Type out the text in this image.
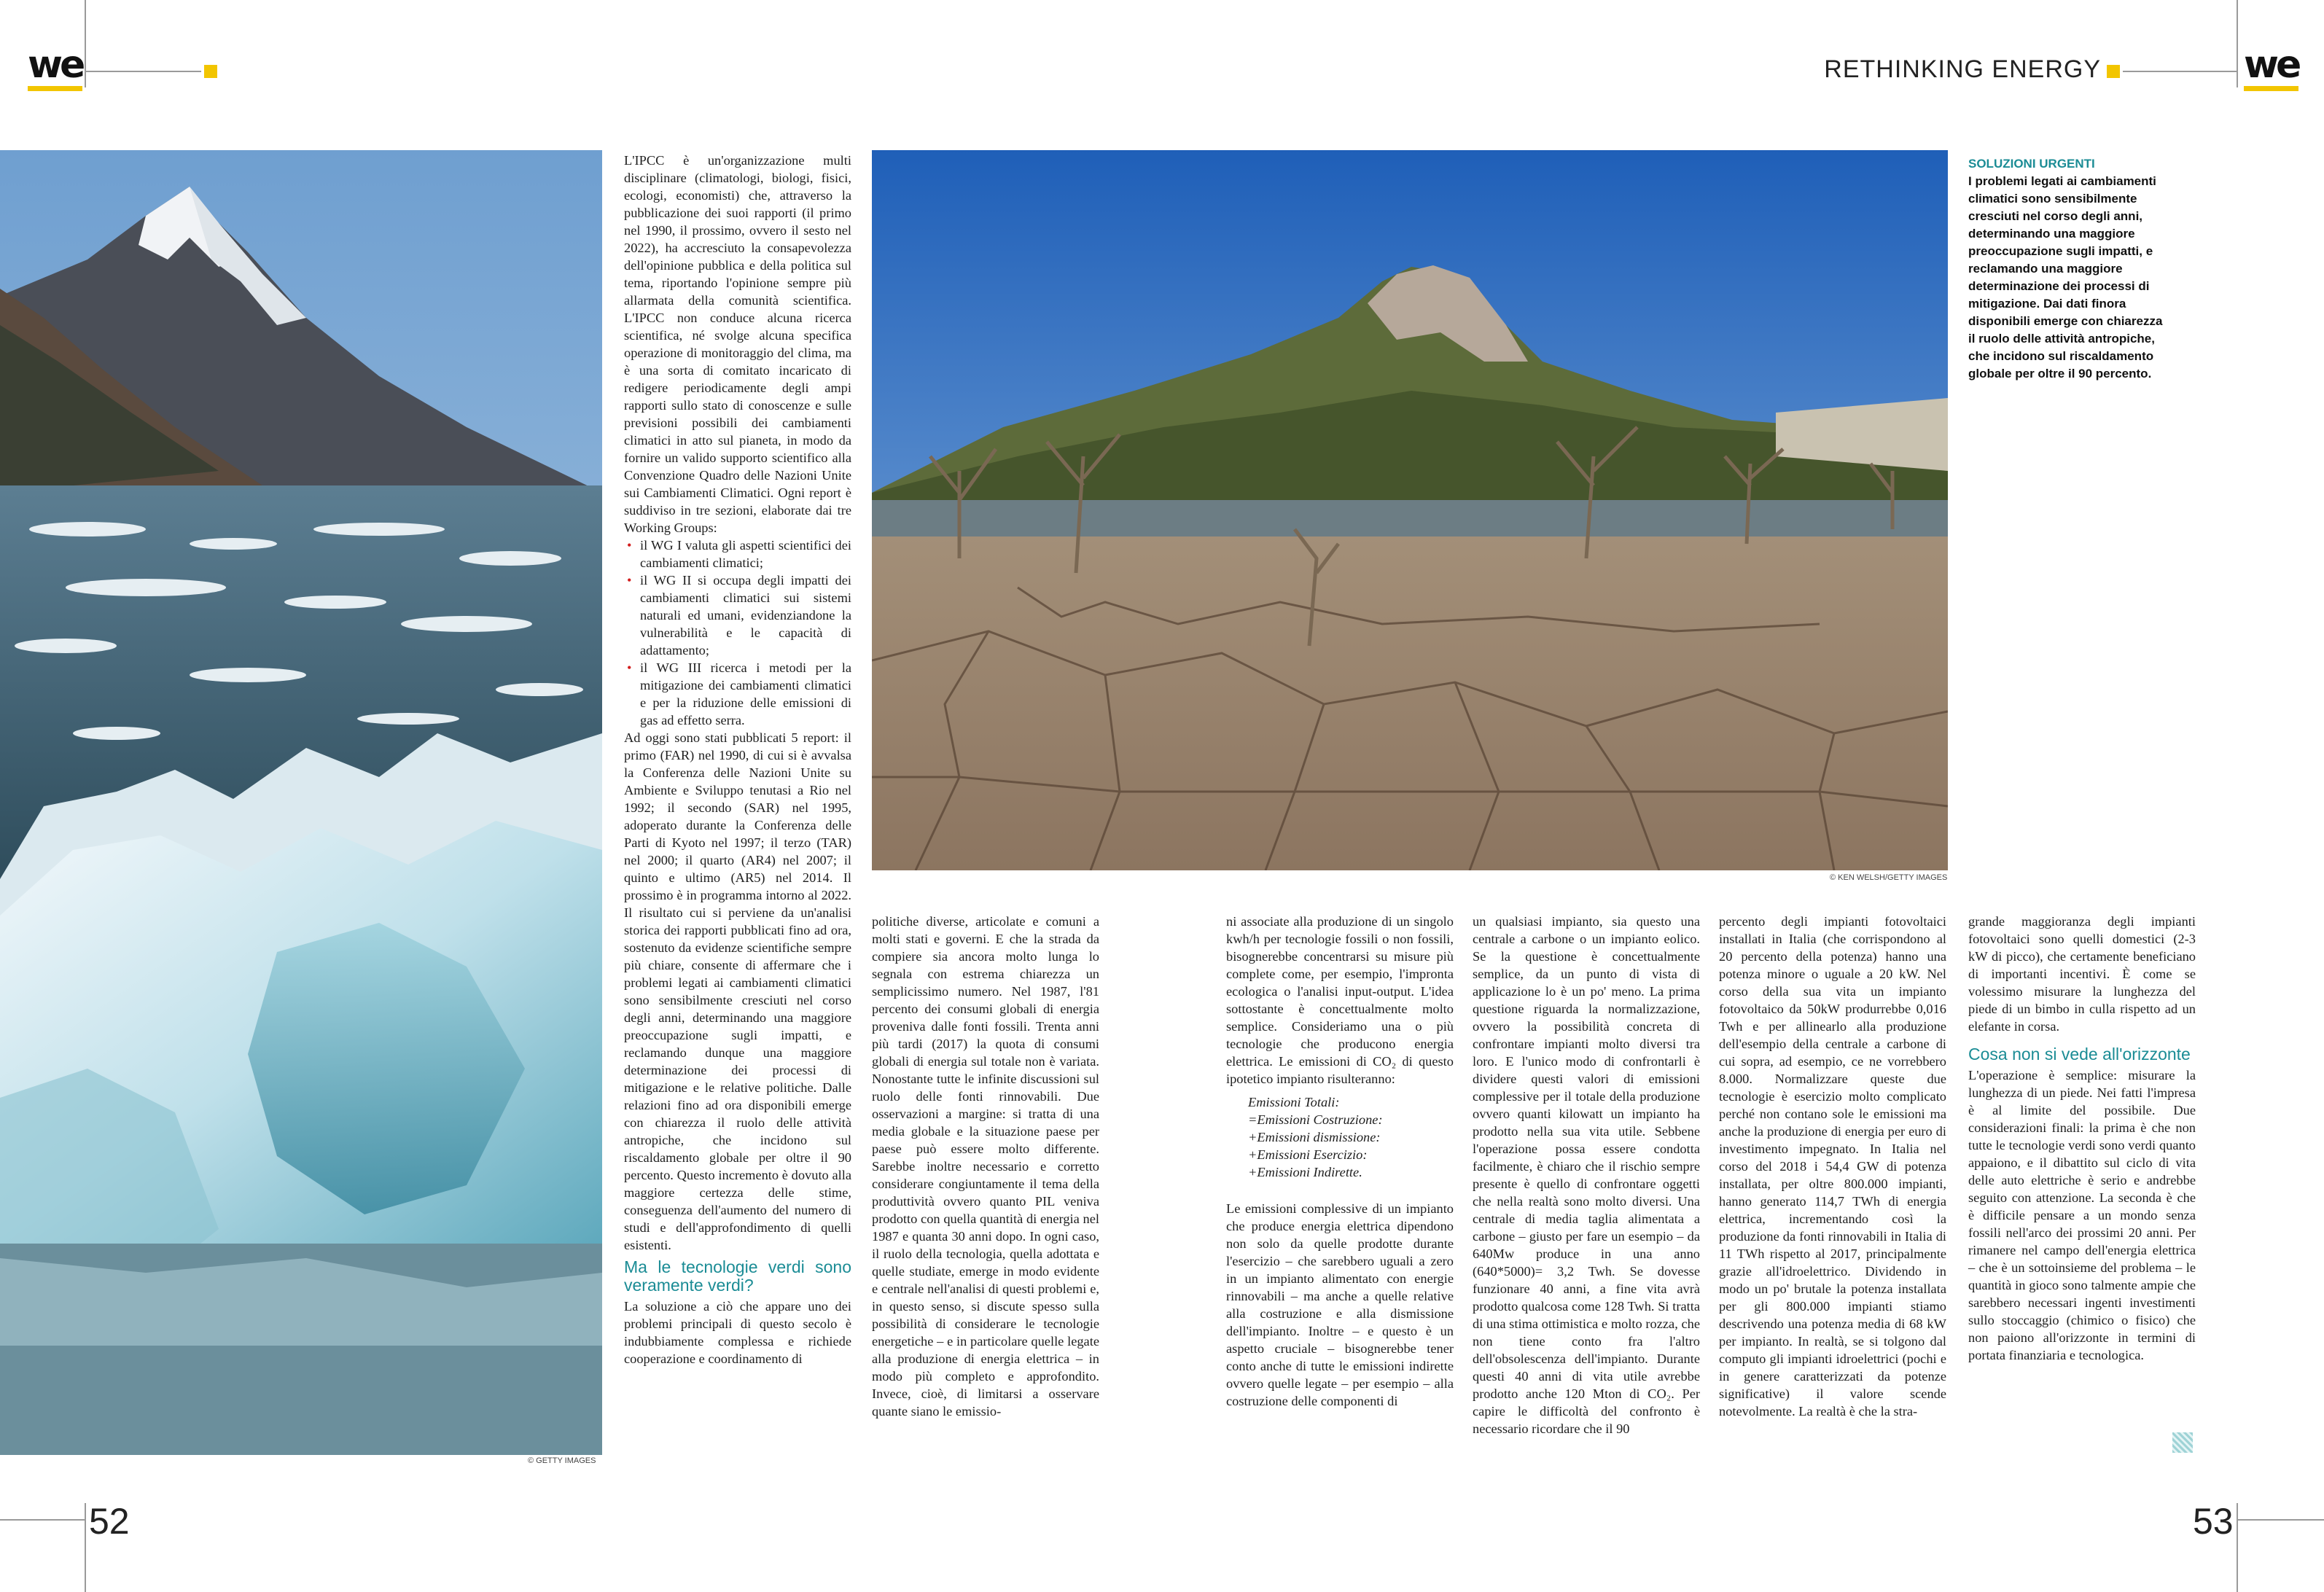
we	RETHINKING ENERGY	we
© GETTY IMAGES
© KEN WELSH/GETTY IMAGES
SOLUZIONI URGENTI
I problemi legati ai cambiamenti climatici sono sensibilmente cresciuti nel corso degli anni, determinando una maggiore preoccupazione sugli impatti, e reclamando una maggiore determinazione dei processi di mitigazione. Dai dati finora disponibili emerge con chiarezza il ruolo delle attività antropiche, che incidono sul riscaldamento globale per oltre il 90 percento.

L'IPCC è un'organizzazione multi disciplinare (climatologi, biologi, fisici, ecologi, economisti) che, attraverso la pubblicazione dei suoi rapporti (il primo nel 1990, il prossimo, ovvero il sesto nel 2022), ha accresciuto la consapevolezza dell'opinione pubblica e della politica sul tema, riportando l'opinione sempre più allarmata della comunità scientifica. L'IPCC non conduce alcuna ricerca scientifica, né svolge alcuna specifica operazione di monitoraggio del clima, ma è una sorta di comitato incaricato di redigere periodicamente degli ampi rapporti sullo stato di conoscenze e sulle previsioni possibili dei cambiamenti climatici in atto sul pianeta, in modo da fornire un valido supporto scientifico alla Convenzione Quadro delle Nazioni Unite sui Cambiamenti Climatici. Ogni report è suddiviso in tre sezioni, elaborate dai tre Working Groups:

• il WG I valuta gli aspetti scientifici dei cambiamenti climatici;
• il WG II si occupa degli impatti dei cambiamenti climatici sui sistemi naturali ed umani, evidenziandone la vulnerabilità e le capacità di adattamento;
• il WG III ricerca i metodi per la mitigazione dei cambiamenti climatici e per la riduzione delle emissioni di gas ad effetto serra.

Ad oggi sono stati pubblicati 5 report: il primo (FAR) nel 1990, di cui si è avvalsa la Conferenza delle Nazioni Unite su Ambiente e Sviluppo tenutasi a Rio nel 1992; il secondo (SAR) nel 1995, adoperato durante la Conferenza delle Parti di Kyoto nel 1997; il terzo (TAR) nel 2000; il quarto (AR4) nel 2007; il quinto e ultimo (AR5) nel 2014. Il prossimo è in programma intorno al 2022. Il risultato cui si perviene da un'analisi storica dei rapporti pubblicati fino ad ora, sostenuto da evidenze scientifiche sempre più chiare, consente di affermare che i problemi legati ai cambiamenti climatici sono sensibilmente cresciuti nel corso degli anni, determinando una maggiore preoccupazione sugli impatti, e reclamando dunque una maggiore determinazione dei processi di mitigazione e le relative politiche. Dalle relazioni fino ad ora disponibili emerge con chiarezza il ruolo delle attività antropiche, che incidono sul riscaldamento globale per oltre il 90 percento. Questo incremento è dovuto alla maggiore certezza delle stime, conseguenza dell'aumento del numero di studi e dell'approfondimento di quelli esistenti.

Ma le tecnologie verdi sono veramente verdi?

La soluzione a ciò che appare uno dei problemi principali di questo secolo è indubbiamente complessa e richiede cooperazione e coordinamento di

politiche diverse, articolate e comuni a molti stati e governi. E che la strada da compiere sia ancora molto lunga lo segnala con estrema chiarezza un semplicissimo numero. Nel 1987, l'81 percento dei consumi globali di energia proveniva dalle fonti fossili. Trenta anni più tardi (2017) la quota di consumi globali di energia sul totale non è variata. Nonostante tutte le infinite discussioni sul ruolo delle fonti rinnovabili. Due osservazioni a margine: si tratta di una media globale e la situazione paese per paese può essere molto differente. Sarebbe inoltre necessario e corretto considerare congiuntamente il tema della produttività ovvero quanto PIL veniva prodotto con quella quantità di energia nel 1987 e quanta 30 anni dopo. In ogni caso, il ruolo della tecnologia, quella adottata e quelle studiate, emerge in modo evidente e centrale nell'analisi di questi problemi e, in questo senso, si discute spesso sulla possibilità di considerare le tecnologie energetiche – e in particolare quelle legate alla produzione di energia elettrica – in modo più completo e approfondito. Invece, cioè, di limitarsi a osservare quante siano le emissio-

ni associate alla produzione di un singolo kwh/h per tecnologie fossili o non fossili, bisognerebbe concentrarsi su misure più complete come, per esempio, l'impronta ecologica o l'analisi input-output. L'idea sottostante è concettualmente molto semplice. Consideriamo una o più tecnologie che producono energia elettrica. Le emissioni di CO₂ di questo ipotetico impianto risulteranno:

Emissioni Totali:
=Emissioni Costruzione:
+Emissioni dismissione:
+Emissioni Esercizio:
+Emissioni Indirette.

Le emissioni complessive di un impianto che produce energia elettrica dipendono non solo da quelle prodotte durante l'esercizio – che sarebbero uguali a zero in un impianto alimentato con energie rinnovabili – ma anche a quelle relative alla costruzione e alla dismissione dell'impianto. Inoltre – e questo è un aspetto cruciale – bisognerebbe tener conto anche di tutte le emissioni indirette ovvero quelle legate – per esempio – alla costruzione delle componenti di

un qualsiasi impianto, sia questo una centrale a carbone o un impianto eolico. Se la questione è concettualmente semplice, da un punto di vista di applicazione lo è un po' meno. La prima questione riguarda la normalizzazione, ovvero la possibilità concreta di confrontare impianti molto diversi tra loro. E l'unico modo di confrontarli è dividere questi valori di emissioni complessive per il totale della produzione ovvero quanti kilowatt un impianto ha prodotto nella sua vita utile. Sebbene l'operazione possa essere condotta facilmente, è chiaro che il rischio sempre presente è quello di confrontare oggetti che nella realtà sono molto diversi. Una centrale di media taglia alimentata a carbone – giusto per fare un esempio – da 640Mw produce in una anno (640*5000)= 3,2 Twh. Se dovesse funzionare 40 anni, a fine vita avrà prodotto qualcosa come 128 Twh. Si tratta di una stima ottimistica e molto rozza, che non tiene conto fra l'altro dell'obsolescenza dell'impianto. Durante questi 40 anni di vita utile avrebbe prodotto anche 120 Mton di CO₂. Per capire le difficoltà del confronto è necessario ricordare che il 90

percento degli impianti fotovoltaici installati in Italia (che corrispondono al 20 percento della potenza) hanno una potenza minore o uguale a 20 kW. Nel corso della sua vita un impianto fotovoltaico da 50kW produrrebbe 0,016 Twh e per allinearlo alla produzione dell'esempio della centrale a carbone di cui sopra, ad esempio, ce ne vorrebbero 8.000. Normalizzare queste due tecnologie è esercizio molto complicato perché non contano sole le emissioni ma anche la produzione di energia per euro di investimento impegnato. In Italia nel corso del 2018 i 54,4 GW di potenza installata, per oltre 800.000 impianti, hanno generato 114,7 TWh di energia elettrica, incrementando così la produzione da fonti rinnovabili in Italia di 11 TWh rispetto al 2017, principalmente grazie all'idroelettrico. Dividendo in modo un po' brutale la potenza installata per gli 800.000 impianti stiamo descrivendo una potenza media di 68 kW per impianto. In realtà, se si tolgono dal computo gli impianti idroelettrici (pochi e in genere caratterizzati da potenze significative) il valore scende notevolmente. La realtà è che la stra-

grande maggioranza degli impianti fotovoltaici sono quelli domestici (2-3 kW di picco), che certamente beneficiano di importanti incentivi. È come se volessimo misurare la lunghezza del piede di un bimbo in culla rispetto ad un elefante in corsa.

Cosa non si vede all'orizzonte

L'operazione è semplice: misurare la lunghezza di un piede. Nei fatti l'impresa è al limite del possibile. Due considerazioni finali: la prima è che non tutte le tecnologie verdi sono verdi quanto appaiono, e il dibattito sul ciclo di vita delle auto elettriche è serio e andrebbe seguito con attenzione. La seconda è che è difficile pensare a un mondo senza fossili nell'arco dei prossimi 20 anni. Per rimanere nel campo dell'energia elettrica – che è un sottoinsieme del problema – le quantità in gioco sono talmente ampie che sarebbero necessari ingenti investimenti sullo stoccaggio (chimico o fisico) che non paiono all'orizzonte in termini di portata finanziaria e tecnologica.

52	53
